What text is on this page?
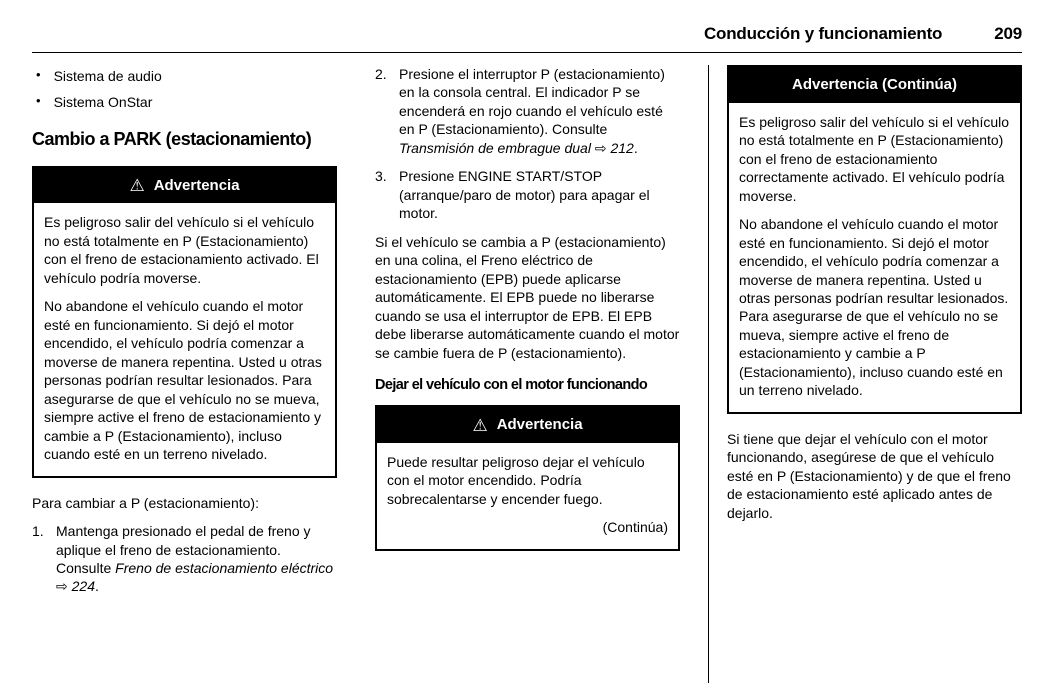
Conducción y funcionamiento	209
• Sistema de audio
• Sistema OnStar
Cambio a PARK (estacionamiento)
⚠ Advertencia

Es peligroso salir del vehículo si el vehículo no está totalmente en P (Estacionamiento) con el freno de estacionamiento activado. El vehículo podría moverse.

No abandone el vehículo cuando el motor esté en funcionamiento. Si dejó el motor encendido, el vehículo podría comenzar a moverse de manera repentina. Usted u otras personas podrían resultar lesionados. Para asegurarse de que el vehículo no se mueva, siempre active el freno de estacionamiento y cambie a P (Estacionamiento), incluso cuando esté en un terreno nivelado.

Para cambiar a P (estacionamiento):

1. Mantenga presionado el pedal de freno y aplique el freno de estacionamiento. Consulte Freno de estacionamiento eléctrico ⇨ 224.
2. Presione el interruptor P (estacionamiento) en la consola central. El indicador P se encenderá en rojo cuando el vehículo esté en P (Estacionamiento). Consulte Transmisión de embrague dual ⇨ 212.
3. Presione ENGINE START/STOP (arranque/paro de motor) para apagar el motor.

Si el vehículo se cambia a P (estacionamiento) en una colina, el Freno eléctrico de estacionamiento (EPB) puede aplicarse automáticamente. El EPB puede no liberarse cuando se usa el interruptor de EPB. El EPB debe liberarse automáticamente cuando el motor se cambie fuera de P (estacionamiento).

Dejar el vehículo con el motor funcionando
⚠ Advertencia

Puede resultar peligroso dejar el vehículo con el motor encendido. Podría sobrecalentarse y encender fuego.

(Continúa)

Advertencia (Continúa)

Es peligroso salir del vehículo si el vehículo no está totalmente en P (Estacionamiento) con el freno de estacionamiento correctamente activado. El vehículo podría moverse.

No abandone el vehículo cuando el motor esté en funcionamiento. Si dejó el motor encendido, el vehículo podría comenzar a moverse de manera repentina. Usted u otras personas podrían resultar lesionados. Para asegurarse de que el vehículo no se mueva, siempre active el freno de estacionamiento y cambie a P (Estacionamiento), incluso cuando esté en un terreno nivelado.

Si tiene que dejar el vehículo con el motor funcionando, asegúrese de que el vehículo esté en P (Estacionamiento) y de que el freno de estacionamiento esté aplicado antes de dejarlo.
